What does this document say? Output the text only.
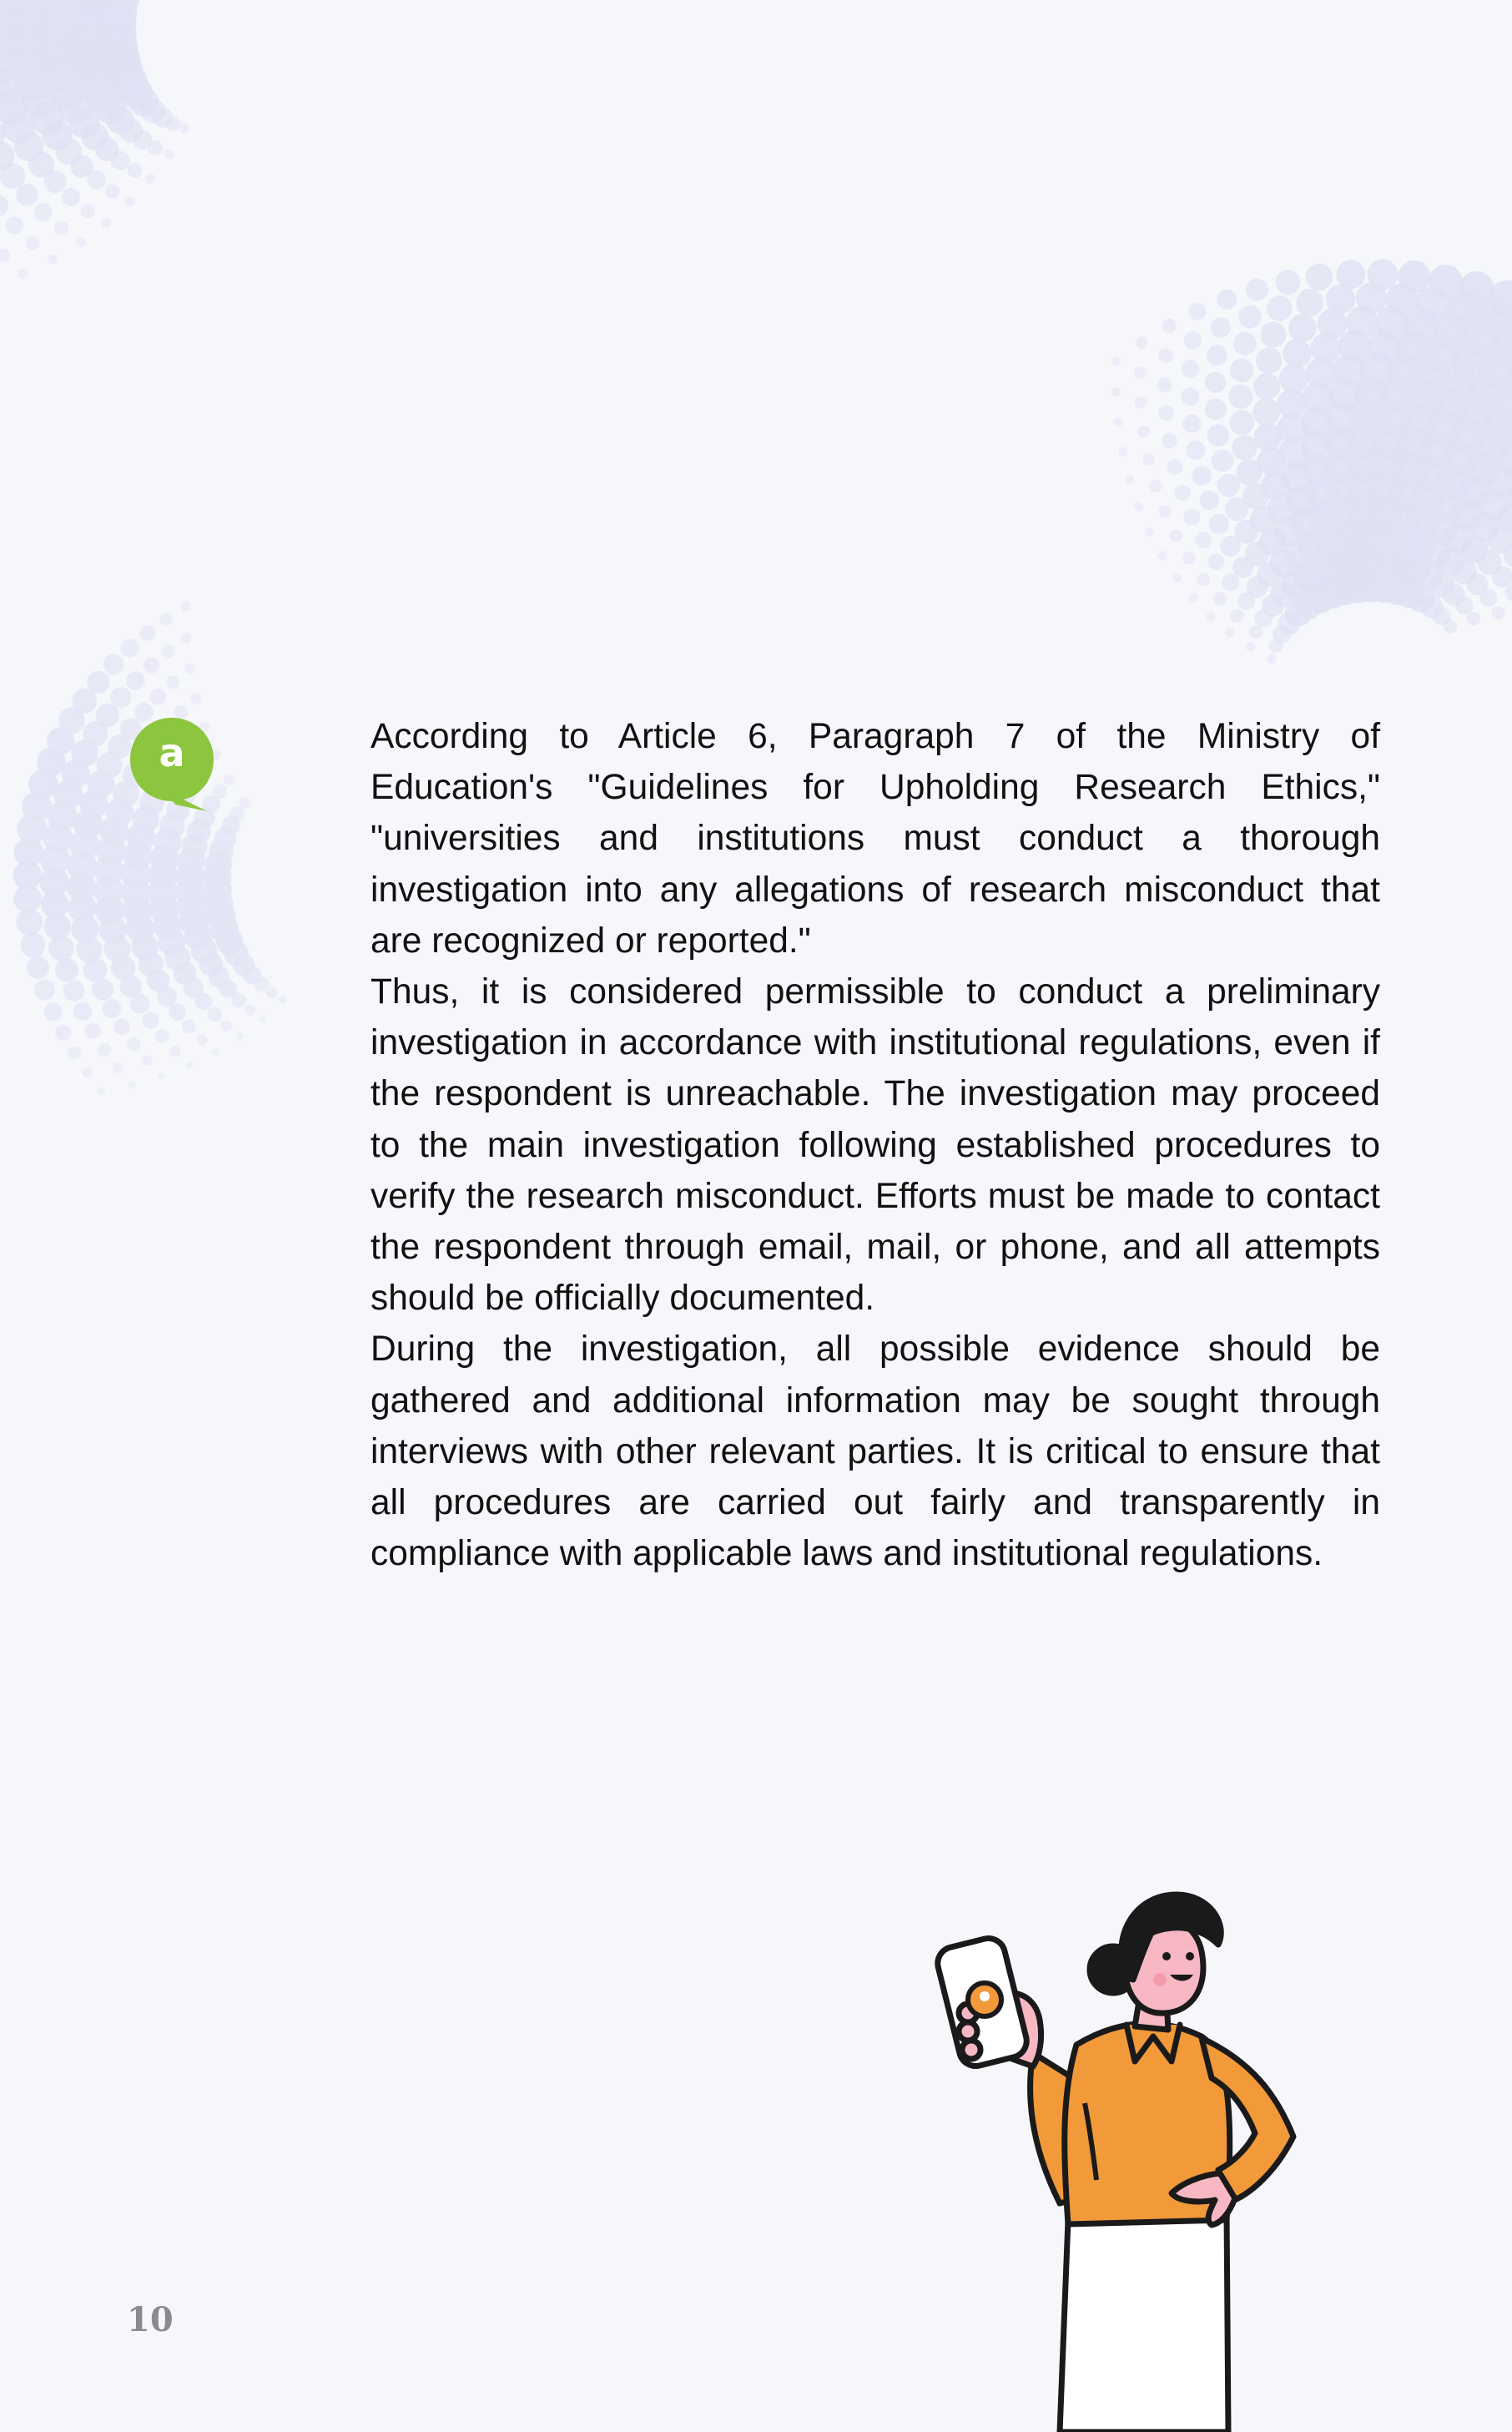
a	According to Article 6, Paragraph 7 of the Ministry of Education's "Guidelines for Upholding Research Ethics," "universities and institutions must conduct a thorough investigation into any allegations of research misconduct that are recognized or reported."

Thus, it is considered permissible to conduct a preliminary investigation in accordance with institutional regulations, even if the respondent is unreachable. The investigation may proceed to the main investigation following established procedures to verify the research misconduct. Efforts must be made to contact the respondent through email, mail, or phone, and all attempts should be officially documented.

During the investigation, all possible evidence should be gathered and additional information may be sought through interviews with other relevant parties. It is critical to ensure that all procedures are carried out fairly and transparently in compliance with applicable laws and institutional regulations.

10
